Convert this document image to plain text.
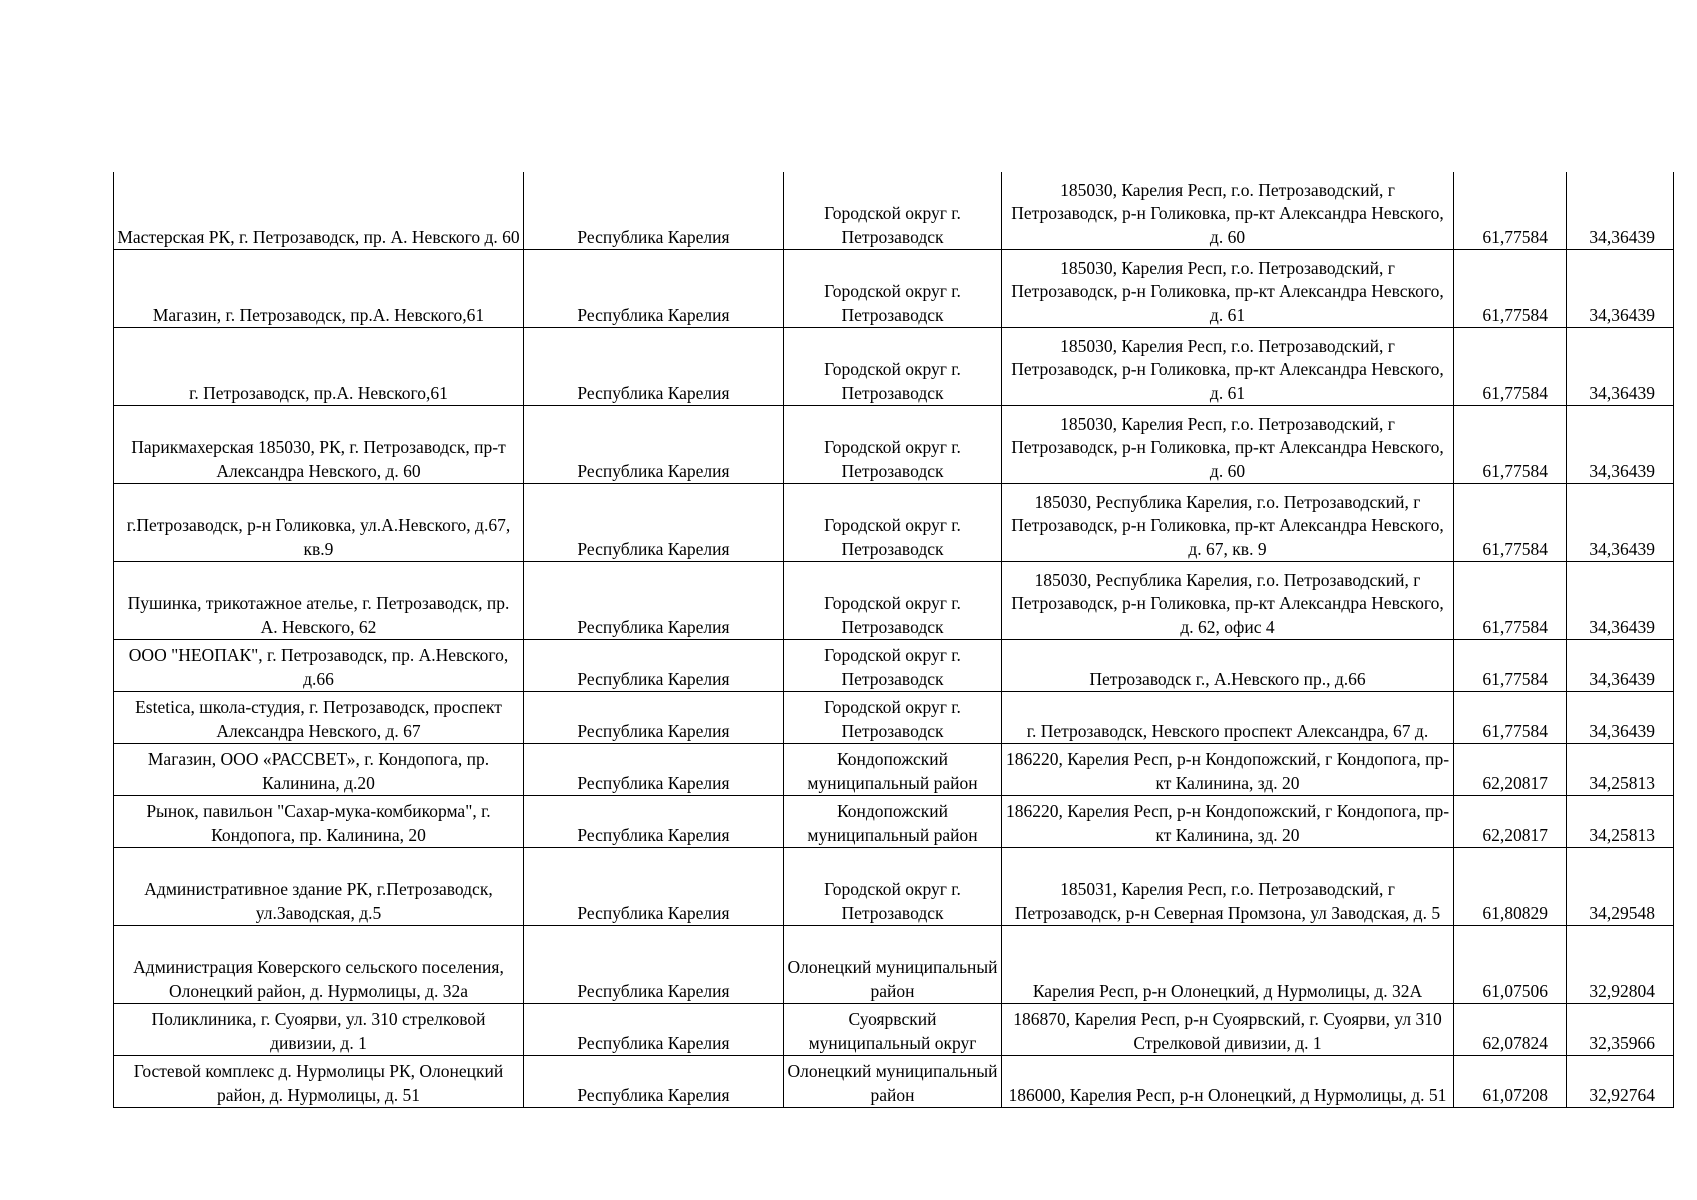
Мастерская РК, г. Петрозаводск, пр. А. Невского д. 60	Республика Карелия	Городской округ г. Петрозаводск	185030, Карелия Респ, г.о. Петрозаводский, г Петрозаводск, р-н Голиковка, пр-кт Александра Невского, д. 60	61,77584	34,36439
Магазин, г. Петрозаводск, пр.А. Невского,61	Республика Карелия	Городской округ г. Петрозаводск	185030, Карелия Респ, г.о. Петрозаводский, г Петрозаводск, р-н Голиковка, пр-кт Александра Невского, д. 61	61,77584	34,36439
г. Петрозаводск, пр.А. Невского,61	Республика Карелия	Городской округ г. Петрозаводск	185030, Карелия Респ, г.о. Петрозаводский, г Петрозаводск, р-н Голиковка, пр-кт Александра Невского, д. 61	61,77584	34,36439
Парикмахерская 185030, РК, г. Петрозаводск, пр-т Александра Невского, д. 60	Республика Карелия	Городской округ г. Петрозаводск	185030, Карелия Респ, г.о. Петрозаводский, г Петрозаводск, р-н Голиковка, пр-кт Александра Невского, д. 60	61,77584	34,36439
г.Петрозаводск, р-н Голиковка, ул.А.Невского, д.67, кв.9	Республика Карелия	Городской округ г. Петрозаводск	185030, Республика Карелия, г.о. Петрозаводский, г Петрозаводск, р-н Голиковка, пр-кт Александра Невского, д. 67, кв. 9	61,77584	34,36439
Пушинка, трикотажное ателье, г. Петрозаводск, пр. А. Невского, 62	Республика Карелия	Городской округ г. Петрозаводск	185030, Республика Карелия, г.о. Петрозаводский, г Петрозаводск, р-н Голиковка, пр-кт Александра Невского, д. 62, офис 4	61,77584	34,36439
ООО "НЕОПАК", г. Петрозаводск, пр. А.Невского, д.66	Республика Карелия	Городской округ г. Петрозаводск	Петрозаводск г., А.Невского пр., д.66	61,77584	34,36439
Estetica, школа-студия, г. Петрозаводск, проспект Александра Невского, д. 67	Республика Карелия	Городской округ г. Петрозаводск	г. Петрозаводск, Невского проспект Александра, 67 д.	61,77584	34,36439
Магазин, ООО «РАССВЕТ», г. Кондопога, пр. Калинина, д.20	Республика Карелия	Кондопожский муниципальный район	186220, Карелия Респ, р-н Кондопожский, г Кондопога, пр-кт Калинина, зд. 20	62,20817	34,25813
Рынок, павильон "Сахар-мука-комбикорма", г. Кондопога, пр. Калинина, 20	Республика Карелия	Кондопожский муниципальный район	186220, Карелия Респ, р-н Кондопожский, г Кондопога, пр-кт Калинина, зд. 20	62,20817	34,25813
Административное здание РК, г.Петрозаводск, ул.Заводская, д.5	Республика Карелия	Городской округ г. Петрозаводск	185031, Карелия Респ, г.о. Петрозаводский, г Петрозаводск, р-н Северная Промзона, ул Заводская, д. 5	61,80829	34,29548
Администрация Коверского сельского поселения, Олонецкий район, д. Нурмолицы, д. 32а	Республика Карелия	Олонецкий муниципальный район	Карелия Респ, р-н Олонецкий, д Нурмолицы, д. 32А	61,07506	32,92804
Поликлиника, г. Суоярви, ул. 310 стрелковой дивизии, д. 1	Республика Карелия	Суоярвский муниципальный округ	186870, Карелия Респ, р-н Суоярвский, г. Суоярви, ул 310 Стрелковой дивизии, д. 1	62,07824	32,35966
Гостевой комплекс д. Нурмолицы РК, Олонецкий район, д. Нурмолицы, д. 51	Республика Карелия	Олонецкий муниципальный район	186000, Карелия Респ, р-н Олонецкий, д Нурмолицы, д. 51	61,07208	32,92764
